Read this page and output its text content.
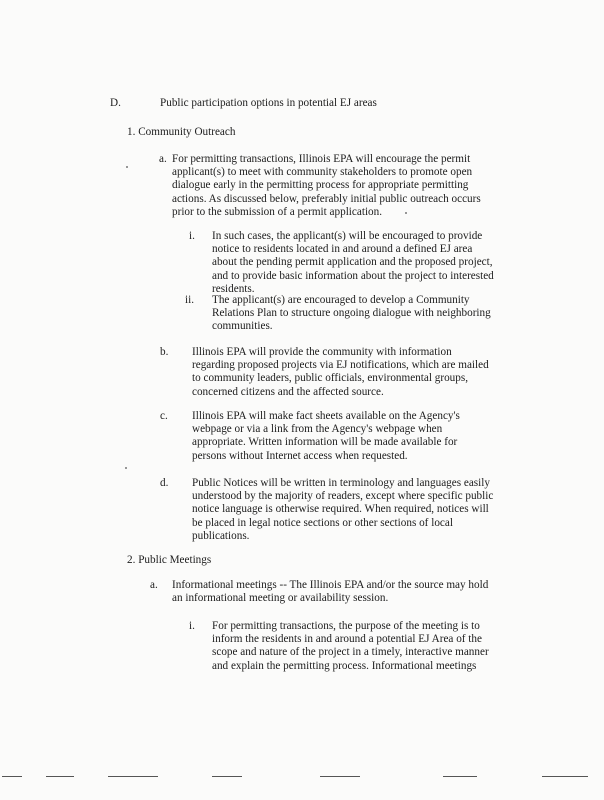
D.	Public participation options in potential EJ areas
1. Community Outreach
a. For permitting transactions, Illinois EPA will encourage the permit
applicant(s) to meet with community stakeholders to promote open
dialogue early in the permitting process for appropriate permitting
actions. As discussed below, preferably initial public outreach occurs
prior to the submission of a permit application.
i. In such cases, the applicant(s) will be encouraged to provide
notice to residents located in and around a defined EJ area
about the pending permit application and the proposed project,
and to provide basic information about the project to interested
residents.
ii. The applicant(s) are encouraged to develop a Community
Relations Plan to structure ongoing dialogue with neighboring
communities.
b. Illinois EPA will provide the community with information
regarding proposed projects via EJ notifications, which are mailed
to community leaders, public officials, environmental groups,
concerned citizens and the affected source.
c. Illinois EPA will make fact sheets available on the Agency's
webpage or via a link from the Agency's webpage when
appropriate. Written information will be made available for
persons without Internet access when requested.
d. Public Notices will be written in terminology and languages easily
understood by the majority of readers, except where specific public
notice language is otherwise required. When required, notices will
be placed in legal notice sections or other sections of local
publications.
2. Public Meetings
a. Informational meetings -- The Illinois EPA and/or the source may hold
an informational meeting or availability session.
i. For permitting transactions, the purpose of the meeting is to
inform the residents in and around a potential EJ Area of the
scope and nature of the project in a timely, interactive manner
and explain the permitting process. Informational meetings
